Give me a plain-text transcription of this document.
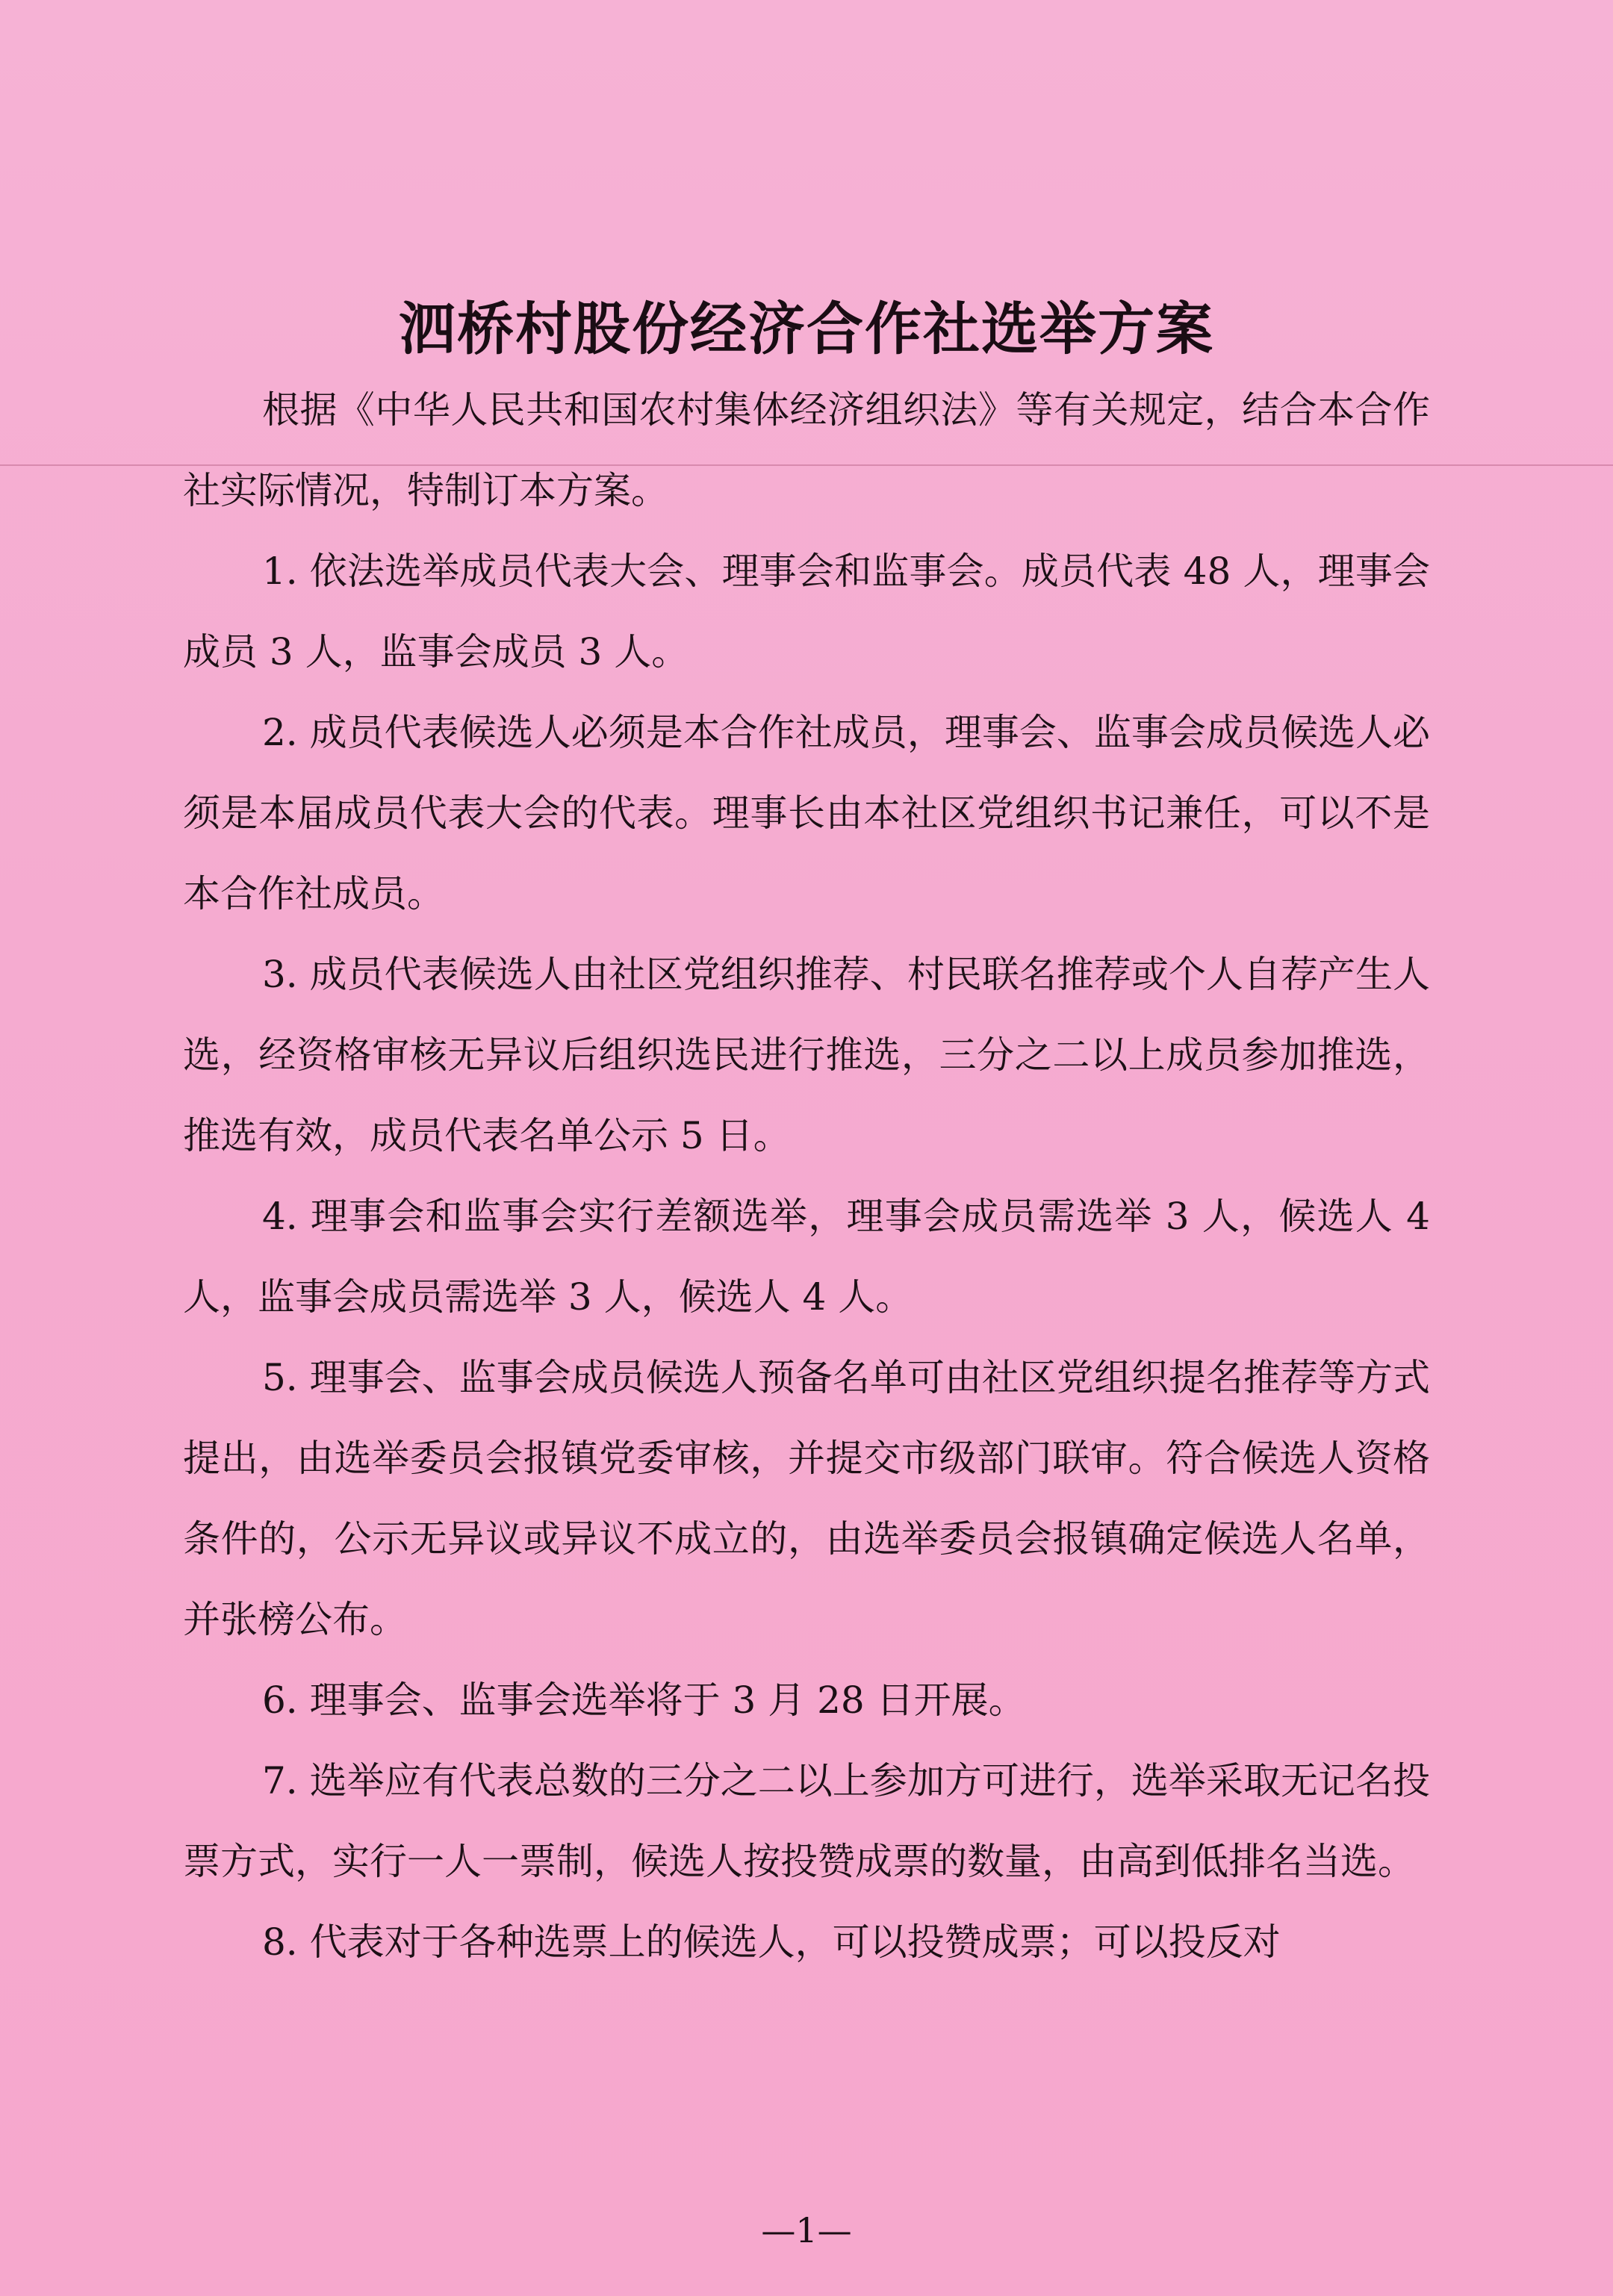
泗桥村股份经济合作社选举方案

根据《中华人民共和国农村集体经济组织法》等有关规定，结合本合作社实际情况，特制订本方案。

1. 依法选举成员代表大会、理事会和监事会。成员代表 48 人，理事会成员 3 人，监事会成员 3 人。

2. 成员代表候选人必须是本合作社成员，理事会、监事会成员候选人必须是本届成员代表大会的代表。理事长由本社区党组织书记兼任，可以不是本合作社成员。

3. 成员代表候选人由社区党组织推荐、村民联名推荐或个人自荐产生人选，经资格审核无异议后组织选民进行推选，三分之二以上成员参加推选，推选有效，成员代表名单公示 5 日。

4. 理事会和监事会实行差额选举，理事会成员需选举 3 人，候选人 4 人，监事会成员需选举 3 人，候选人 4 人。

5. 理事会、监事会成员候选人预备名单可由社区党组织提名推荐等方式提出，由选举委员会报镇党委审核，并提交市级部门联审。符合候选人资格条件的，公示无异议或异议不成立的，由选举委员会报镇确定候选人名单，并张榜公布。

6. 理事会、监事会选举将于 3 月 28 日开展。

7. 选举应有代表总数的三分之二以上参加方可进行，选举采取无记名投票方式，实行一人一票制，候选人按投赞成票的数量，由高到低排名当选。

8. 代表对于各种选票上的候选人，可以投赞成票；可以投反对

—1—
